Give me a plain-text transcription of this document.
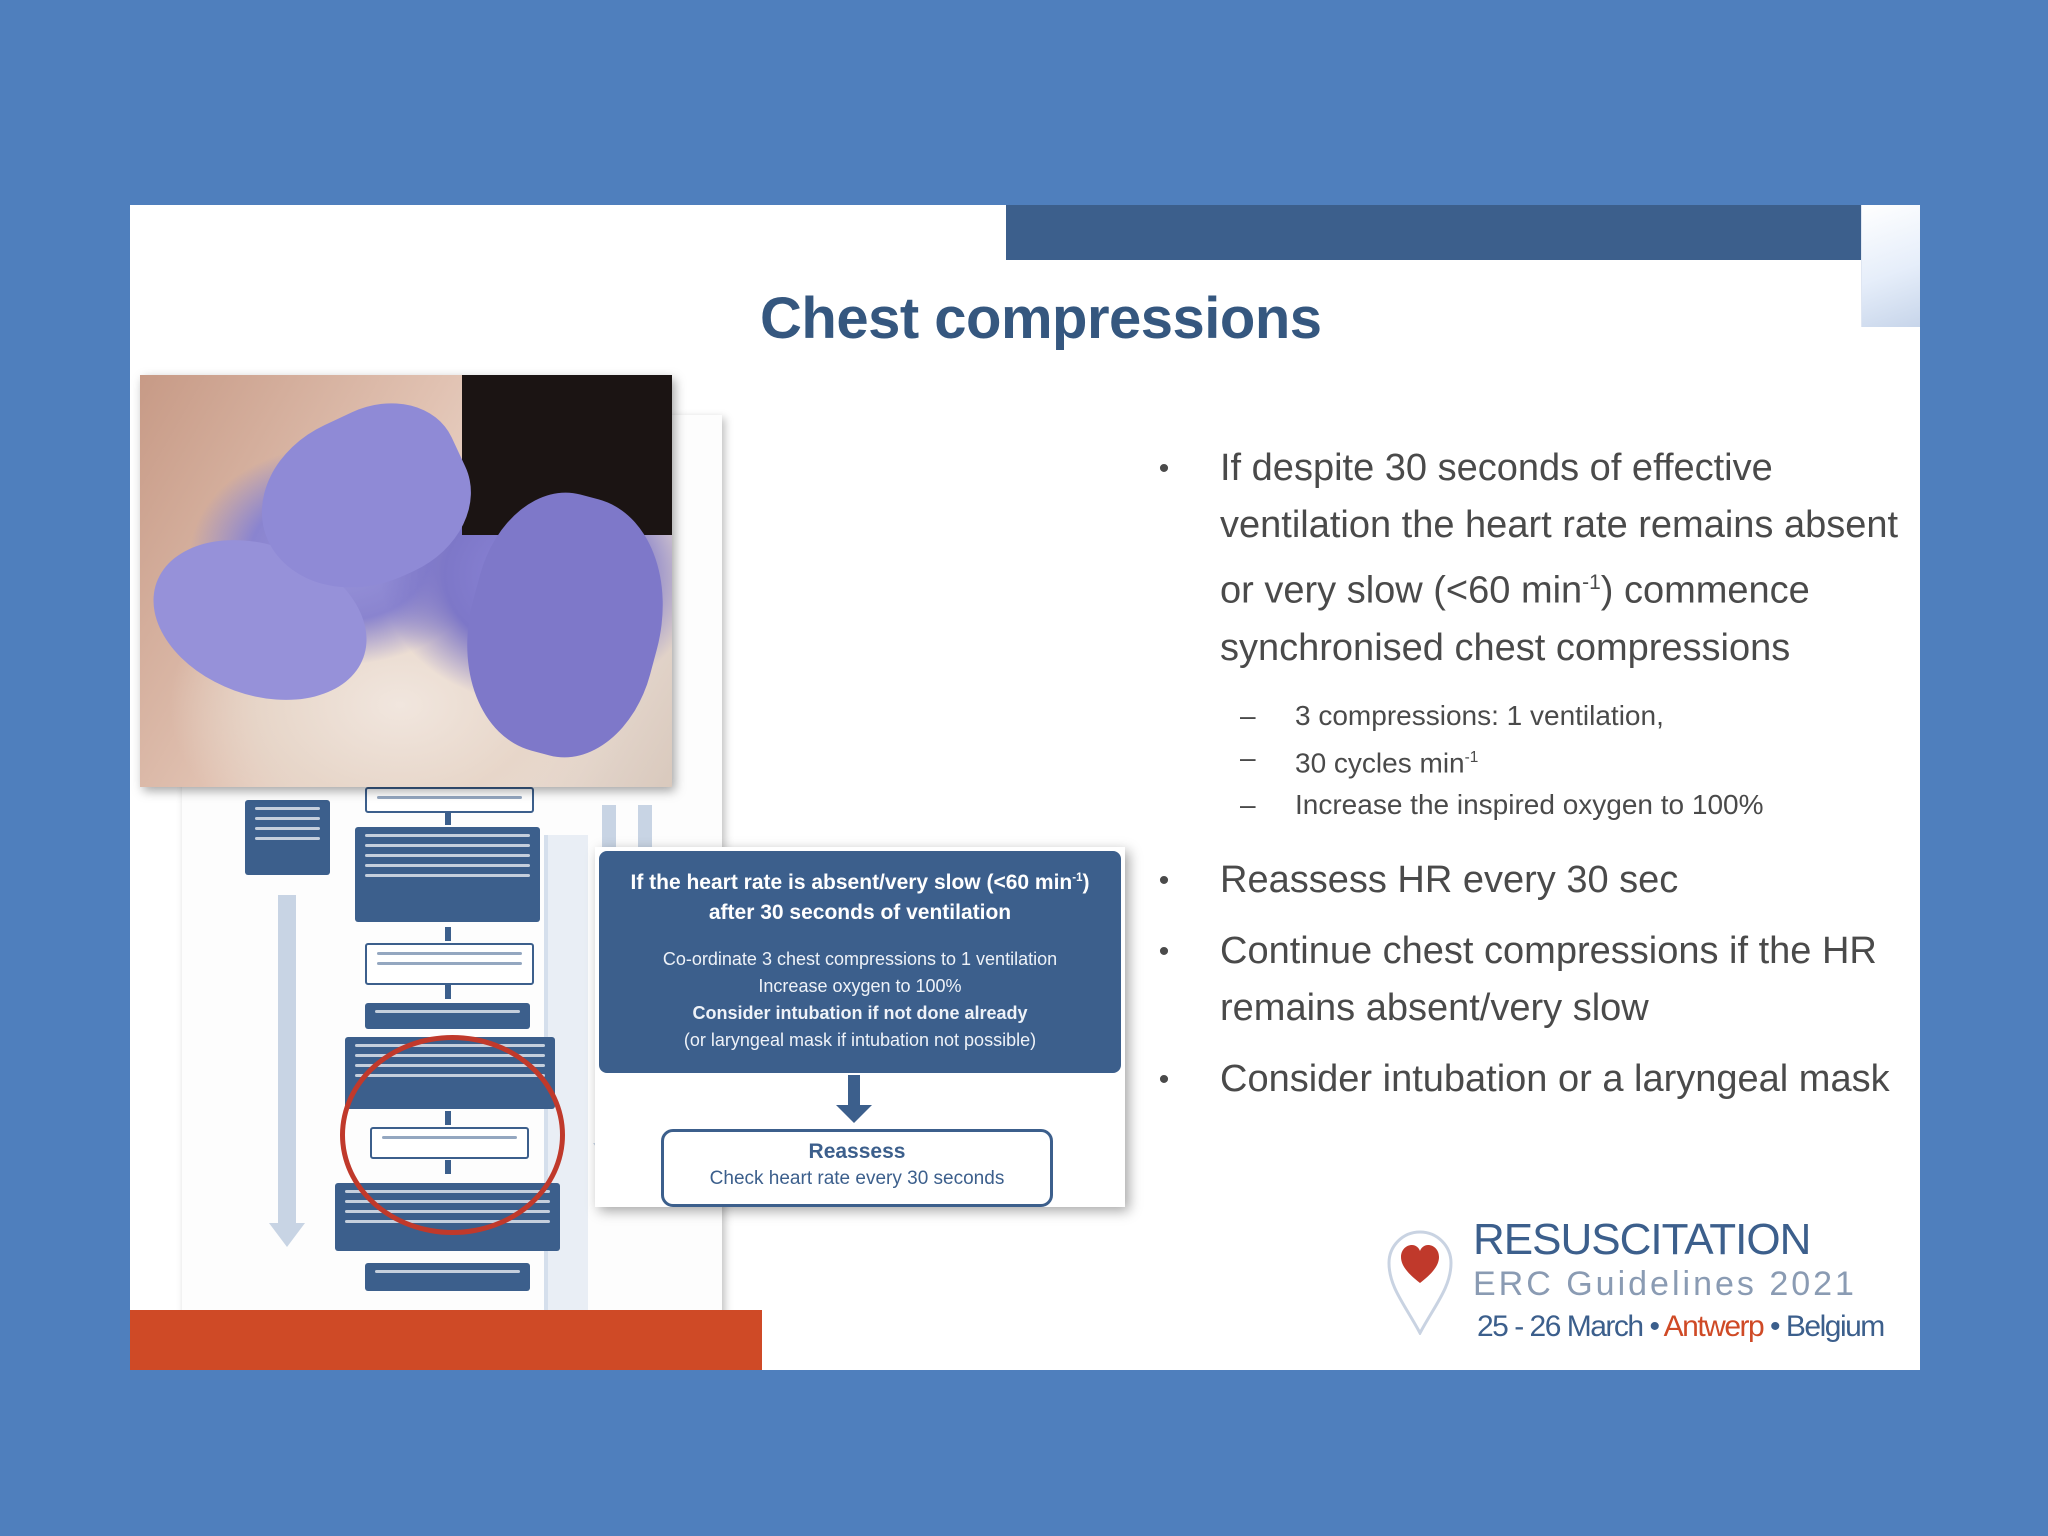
Chest compressions
If the heart rate is absent/very slow (<60 $\min^{-1}$)
after 30 seconds of ventilation
Co-ordinate 3 chest compressions to 1 ventilation
Increase oxygen to 100%
Consider intubation if not done already
(or laryngeal mask if intubation not possible)
Reassess
Check heart rate every 30 seconds
• If despite 30 seconds of effective ventilation the heart rate remains absent or very slow (<60 $\min^{-1}$) commence synchronised chest compressions
– 3 compressions: 1 ventilation,
– 30 cycles $\min^{-1}$
– Increase the inspired oxygen to 100%
• Reassess HR every 30 sec
• Continue chest compressions if the HR remains absent/very slow
• Consider intubation or a laryngeal mask
RESUSCITATION
ERC Guidelines 2021
25 - 26 March • Antwerp • Belgium
